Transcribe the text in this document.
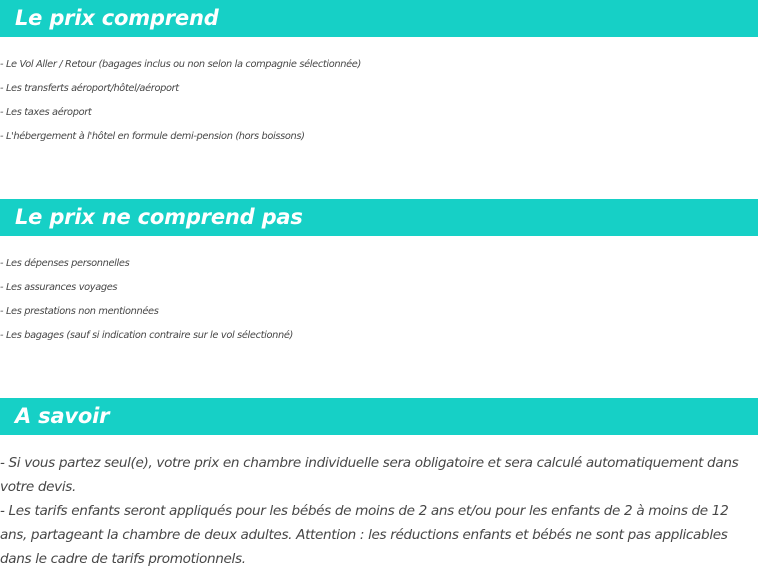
Le prix comprend
- Le Vol Aller / Retour (bagages inclus ou non selon la compagnie sélectionnée)
- Les transferts aéroport/hôtel/aéroport
- Les taxes aéroport
- L'hébergement à l'hôtel en formule demi-pension (hors boissons)
Le prix ne comprend pas
- Les dépenses personnelles
- Les assurances voyages
- Les prestations non mentionnées
- Les bagages (sauf si indication contraire sur le vol sélectionné)
A savoir

- Si vous partez seul(e), votre prix en chambre individuelle sera obligatoire et sera calculé automatiquement dans votre devis.

- Les tarifs enfants seront appliqués pour les bébés de moins de 2 ans et/ou pour les enfants de 2 à moins de 12 ans, partageant la chambre de deux adultes. Attention : les réductions enfants et bébés ne sont pas applicables dans le cadre de tarifs promotionnels.
